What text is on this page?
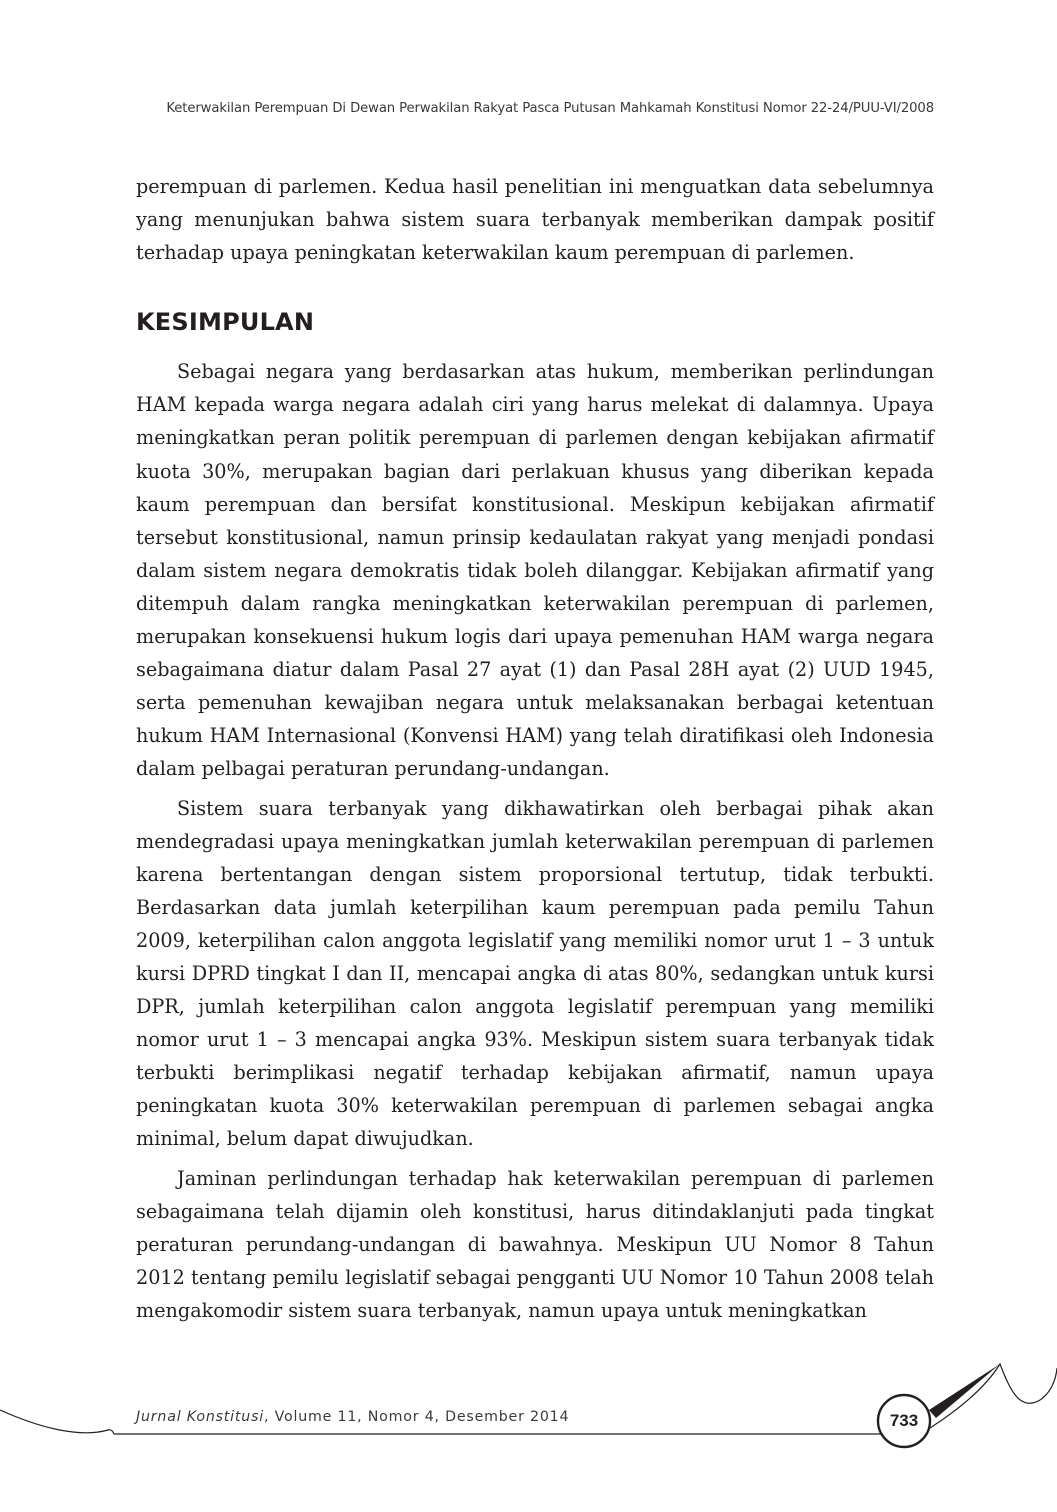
Keterwakilan Perempuan Di Dewan Perwakilan Rakyat Pasca Putusan Mahkamah Konstitusi Nomor 22-24/PUU-VI/2008

perempuan di parlemen. Kedua hasil penelitian ini menguatkan data sebelumnya yang menunjukan bahwa sistem suara terbanyak memberikan dampak positif terhadap upaya peningkatan keterwakilan kaum perempuan di parlemen.

KESIMPULAN

Sebagai negara yang berdasarkan atas hukum, memberikan perlindungan HAM kepada warga negara adalah ciri yang harus melekat di dalamnya. Upaya meningkatkan peran politik perempuan di parlemen dengan kebijakan afirmatif kuota 30%, merupakan bagian dari perlakuan khusus yang diberikan kepada kaum perempuan dan bersifat konstitusional. Meskipun kebijakan afirmatif tersebut konstitusional, namun prinsip kedaulatan rakyat yang menjadi pondasi dalam sistem negara demokratis tidak boleh dilanggar. Kebijakan afirmatif yang ditempuh dalam rangka meningkatkan keterwakilan perempuan di parlemen, merupakan konsekuensi hukum logis dari upaya pemenuhan HAM warga negara sebagaimana diatur dalam Pasal 27 ayat (1) dan Pasal 28H ayat (2) UUD 1945, serta pemenuhan kewajiban negara untuk melaksanakan berbagai ketentuan hukum HAM Internasional (Konvensi HAM) yang telah diratifikasi oleh Indonesia dalam pelbagai peraturan perundang-undangan.

Sistem suara terbanyak yang dikhawatirkan oleh berbagai pihak akan mendegradasi upaya meningkatkan jumlah keterwakilan perempuan di parlemen karena bertentangan dengan sistem proporsional tertutup, tidak terbukti. Berdasarkan data jumlah keterpilihan kaum perempuan pada pemilu Tahun 2009, keterpilihan calon anggota legislatif yang memiliki nomor urut 1 – 3 untuk kursi DPRD tingkat I dan II, mencapai angka di atas 80%, sedangkan untuk kursi DPR, jumlah keterpilihan calon anggota legislatif perempuan yang memiliki nomor urut 1 – 3 mencapai angka 93%. Meskipun sistem suara terbanyak tidak terbukti berimplikasi negatif terhadap kebijakan afirmatif, namun upaya peningkatan kuota 30% keterwakilan perempuan di parlemen sebagai angka minimal, belum dapat diwujudkan.

Jaminan perlindungan terhadap hak keterwakilan perempuan di parlemen sebagaimana telah dijamin oleh konstitusi, harus ditindaklanjuti pada tingkat peraturan perundang-undangan di bawahnya. Meskipun UU Nomor 8 Tahun 2012 tentang pemilu legislatif sebagai pengganti UU Nomor 10 Tahun 2008 telah mengakomodir sistem suara terbanyak, namun upaya untuk meningkatkan

Jurnal Konstitusi, Volume 11, Nomor 4, Desember 2014	733
